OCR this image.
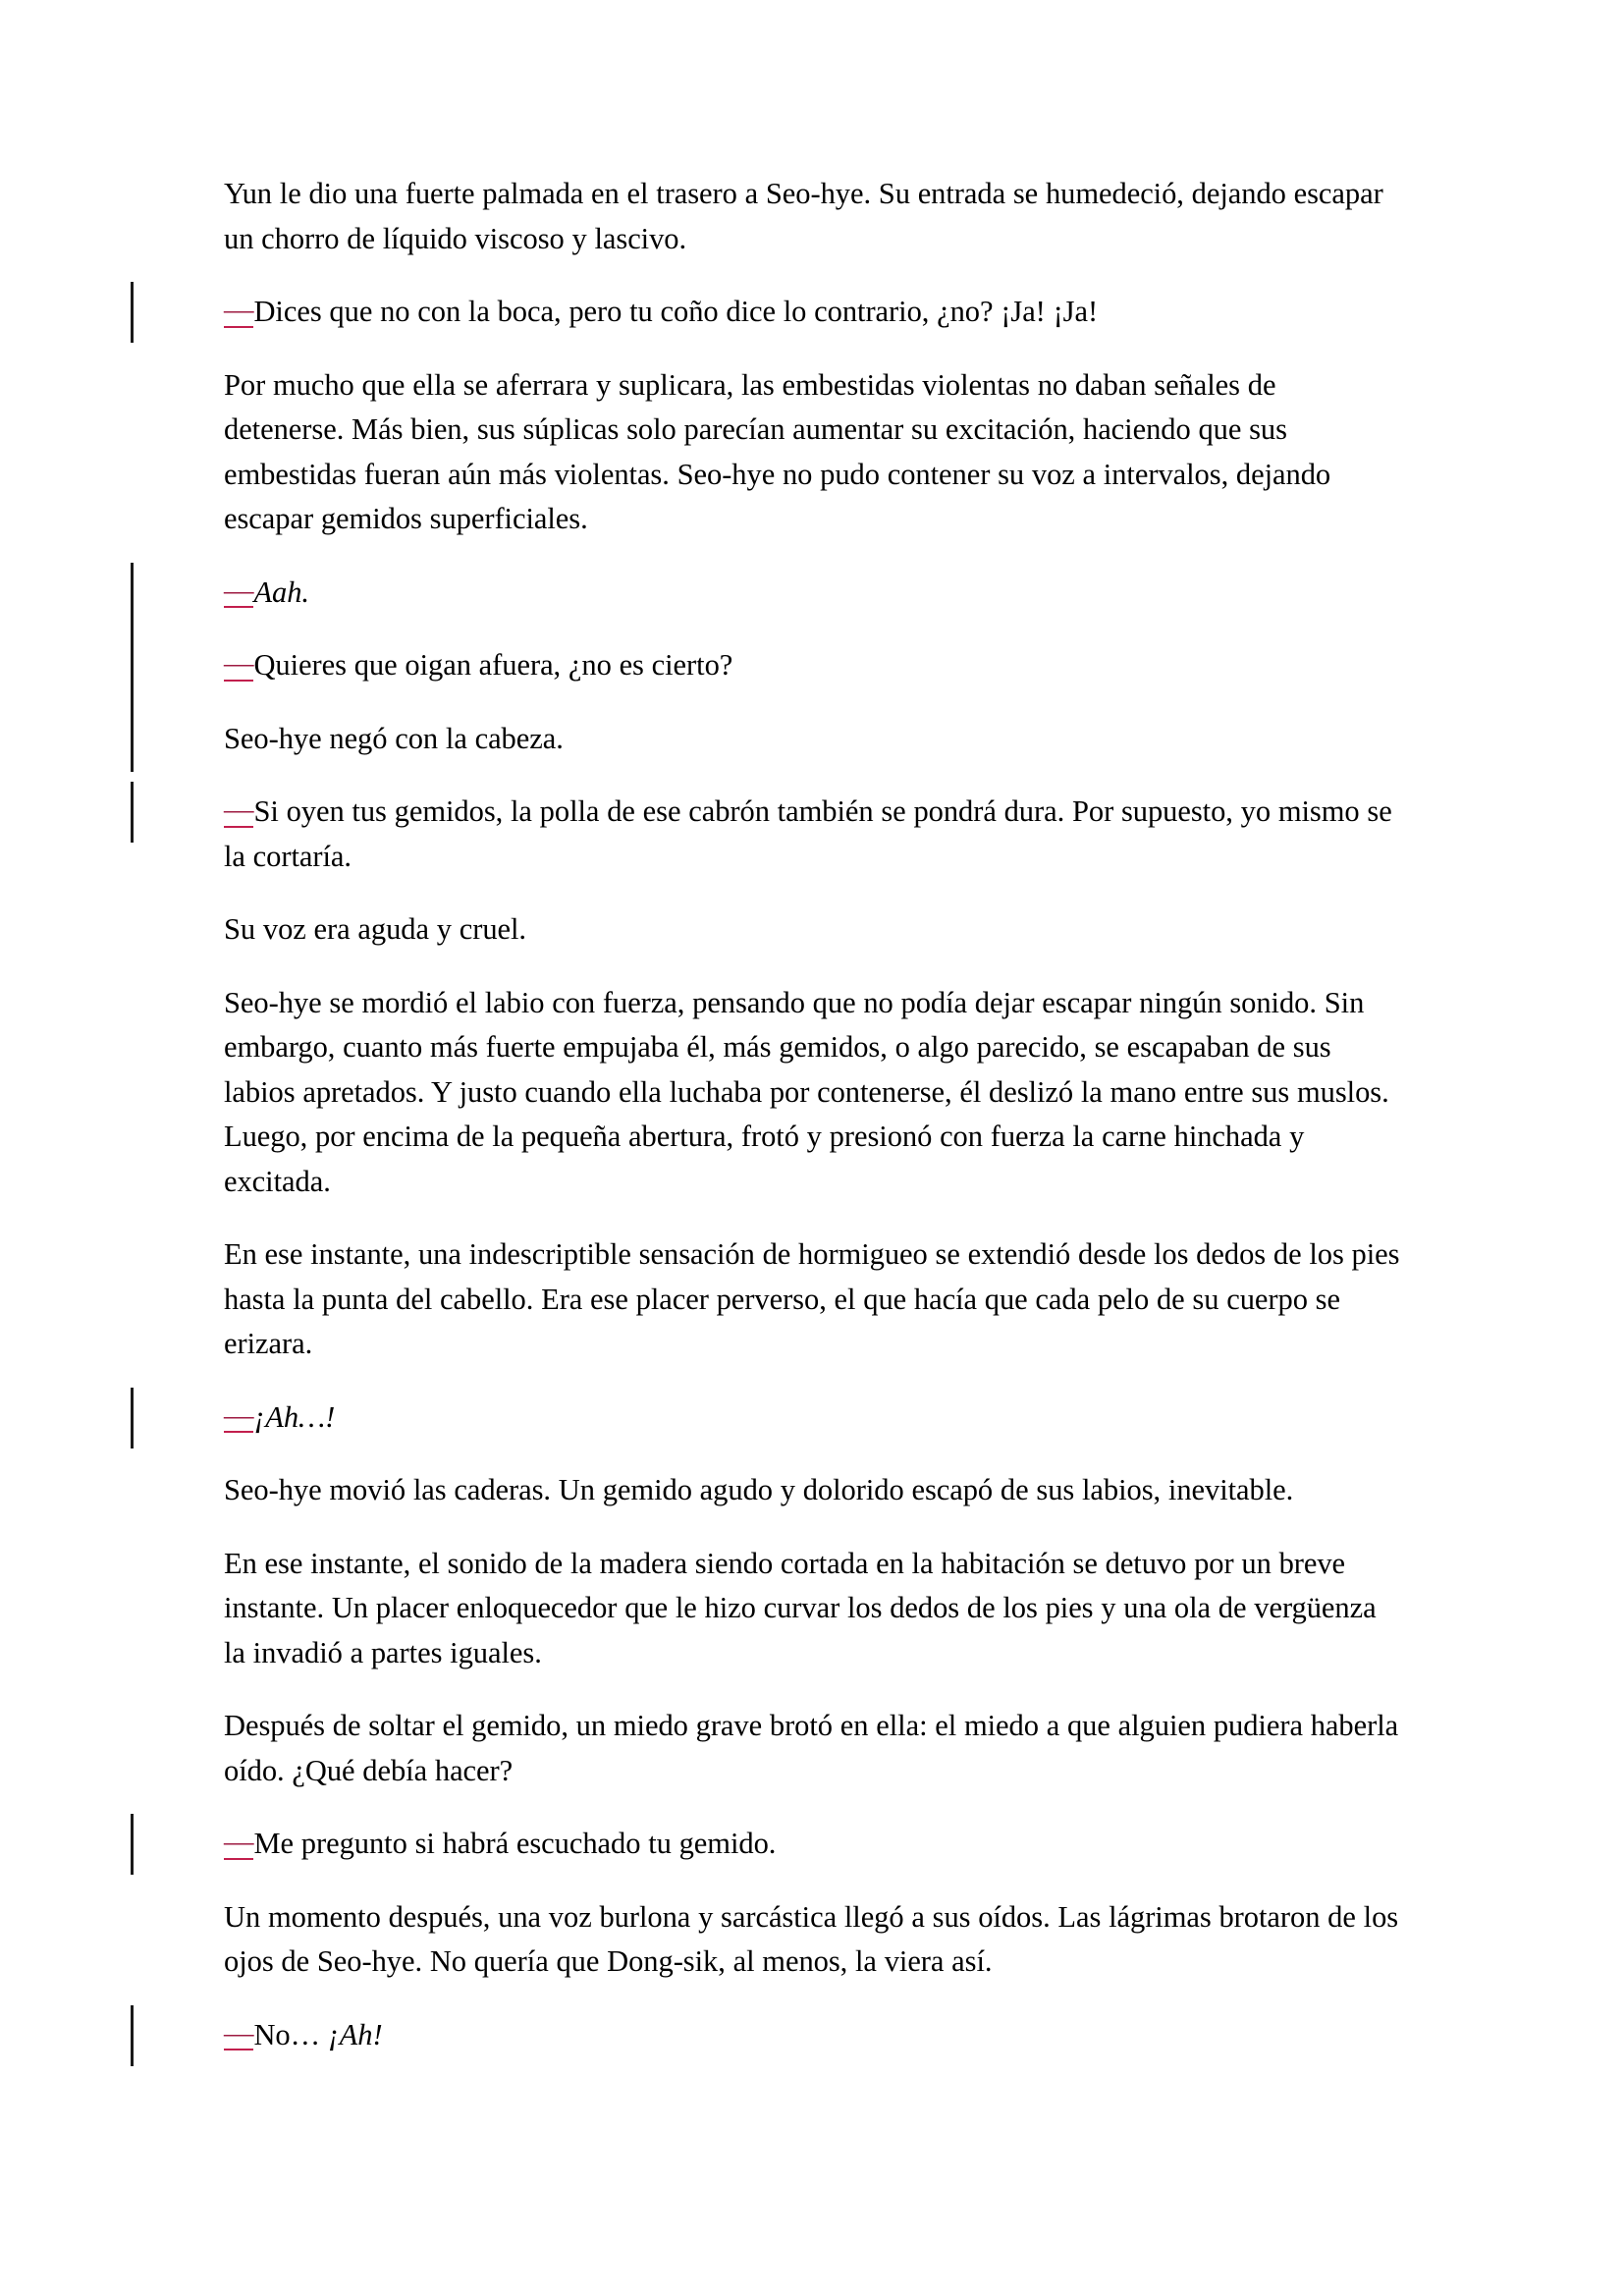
Yun le dio una fuerte palmada en el trasero a Seo-hye. Su entrada se humedeció, dejando escapar un chorro de líquido viscoso y lascivo.

—Dices que no con la boca, pero tu coño dice lo contrario, ¿no? ¡Ja! ¡Ja!

Por mucho que ella se aferrara y suplicara, las embestidas violentas no daban señales de detenerse. Más bien, sus súplicas solo parecían aumentar su excitación, haciendo que sus embestidas fueran aún más violentas. Seo-hye no pudo contener su voz a intervalos, dejando escapar gemidos superficiales.

—Aah.

—Quieres que oigan afuera, ¿no es cierto?

Seo-hye negó con la cabeza.

—Si oyen tus gemidos, la polla de ese cabrón también se pondrá dura. Por supuesto, yo mismo se la cortaría.

Su voz era aguda y cruel.

Seo-hye se mordió el labio con fuerza, pensando que no podía dejar escapar ningún sonido. Sin embargo, cuanto más fuerte empujaba él, más gemidos, o algo parecido, se escapaban de sus labios apretados. Y justo cuando ella luchaba por contenerse, él deslizó la mano entre sus muslos. Luego, por encima de la pequeña abertura, frotó y presionó con fuerza la carne hinchada y excitada.

En ese instante, una indescriptible sensación de hormigueo se extendió desde los dedos de los pies hasta la punta del cabello. Era ese placer perverso, el que hacía que cada pelo de su cuerpo se erizara.

—¡Ah…!

Seo-hye movió las caderas. Un gemido agudo y dolorido escapó de sus labios, inevitable.

En ese instante, el sonido de la madera siendo cortada en la habitación se detuvo por un breve instante. Un placer enloquecedor que le hizo curvar los dedos de los pies y una ola de vergüenza la invadió a partes iguales.

Después de soltar el gemido, un miedo grave brotó en ella: el miedo a que alguien pudiera haberla oído. ¿Qué debía hacer?

—Me pregunto si habrá escuchado tu gemido.

Un momento después, una voz burlona y sarcástica llegó a sus oídos. Las lágrimas brotaron de los ojos de Seo-hye. No quería que Dong-sik, al menos, la viera así.

—No… ¡Ah!
